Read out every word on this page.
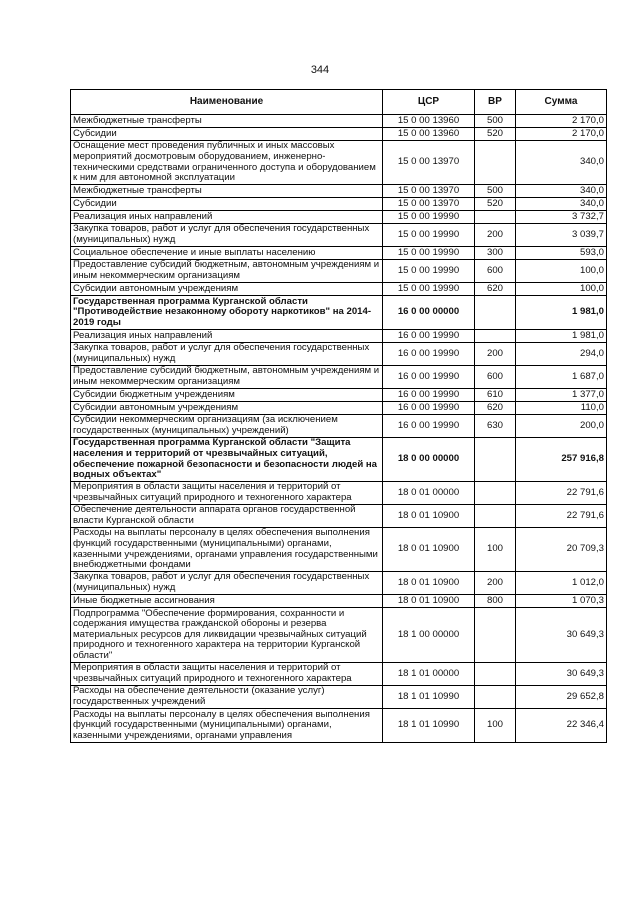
344
Наименование	ЦСР	ВР	Сумма
Межбюджетные трансферты	15 0 00 13960	500	2 170,0
Субсидии	15 0 00 13960	520	2 170,0
Оснащение мест проведения публичных и иных массовых мероприятий досмотровым оборудованием, инженерно-техническими средствами ограниченного доступа и оборудованием к ним для автономной эксплуатации	15 0 00 13970		340,0
Межбюджетные трансферты	15 0 00 13970	500	340,0
Субсидии	15 0 00 13970	520	340,0
Реализация иных направлений	15 0 00 19990		3 732,7
Закупка товаров, работ и услуг для обеспечения государственных (муниципальных) нужд	15 0 00 19990	200	3 039,7
Социальное обеспечение и иные выплаты населению	15 0 00 19990	300	593,0
Предоставление субсидий бюджетным, автономным учреждениям и иным некоммерческим организациям	15 0 00 19990	600	100,0
Субсидии автономным учреждениям	15 0 00 19990	620	100,0
Государственная программа Курганской области "Противодействие незаконному обороту наркотиков" на 2014-2019 годы	16 0 00 00000		1 981,0
Реализация иных направлений	16 0 00 19990		1 981,0
Закупка товаров, работ и услуг для обеспечения государственных (муниципальных) нужд	16 0 00 19990	200	294,0
Предоставление субсидий бюджетным, автономным учреждениям и иным некоммерческим организациям	16 0 00 19990	600	1 687,0
Субсидии бюджетным учреждениям	16 0 00 19990	610	1 377,0
Субсидии автономным учреждениям	16 0 00 19990	620	110,0
Субсидии некоммерческим организациям (за исключением государственных (муниципальных) учреждений)	16 0 00 19990	630	200,0
Государственная программа Курганской области "Защита населения и территорий от чрезвычайных ситуаций, обеспечение пожарной безопасности и безопасности людей на водных объектах"	18 0 00 00000		257 916,8
Мероприятия в области защиты населения и территорий от чрезвычайных ситуаций природного и техногенного характера	18 0 01 00000		22 791,6
Обеспечение деятельности аппарата органов государственной власти Курганской области	18 0 01 10900		22 791,6
Расходы на выплаты персоналу в целях обеспечения выполнения функций государственными (муниципальными) органами, казенными учреждениями, органами управления государственными внебюджетными фондами	18 0 01 10900	100	20 709,3
Закупка товаров, работ и услуг для обеспечения государственных (муниципальных) нужд	18 0 01 10900	200	1 012,0
Иные бюджетные ассигнования	18 0 01 10900	800	1 070,3
Подпрограмма "Обеспечение формирования, сохранности и содержания имущества гражданской обороны и резерва материальных ресурсов для ликвидации чрезвычайных ситуаций природного и техногенного характера на территории Курганской области"	18 1 00 00000		30 649,3
Мероприятия в области защиты населения и территорий от чрезвычайных ситуаций природного и техногенного характера	18 1 01 00000		30 649,3
Расходы на обеспечение деятельности (оказание услуг) государственных учреждений	18 1 01 10990		29 652,8
Расходы на выплаты персоналу в целях обеспечения выполнения функций государственными (муниципальными) органами, казенными учреждениями, органами управления	18 1 01 10990	100	22 346,4
